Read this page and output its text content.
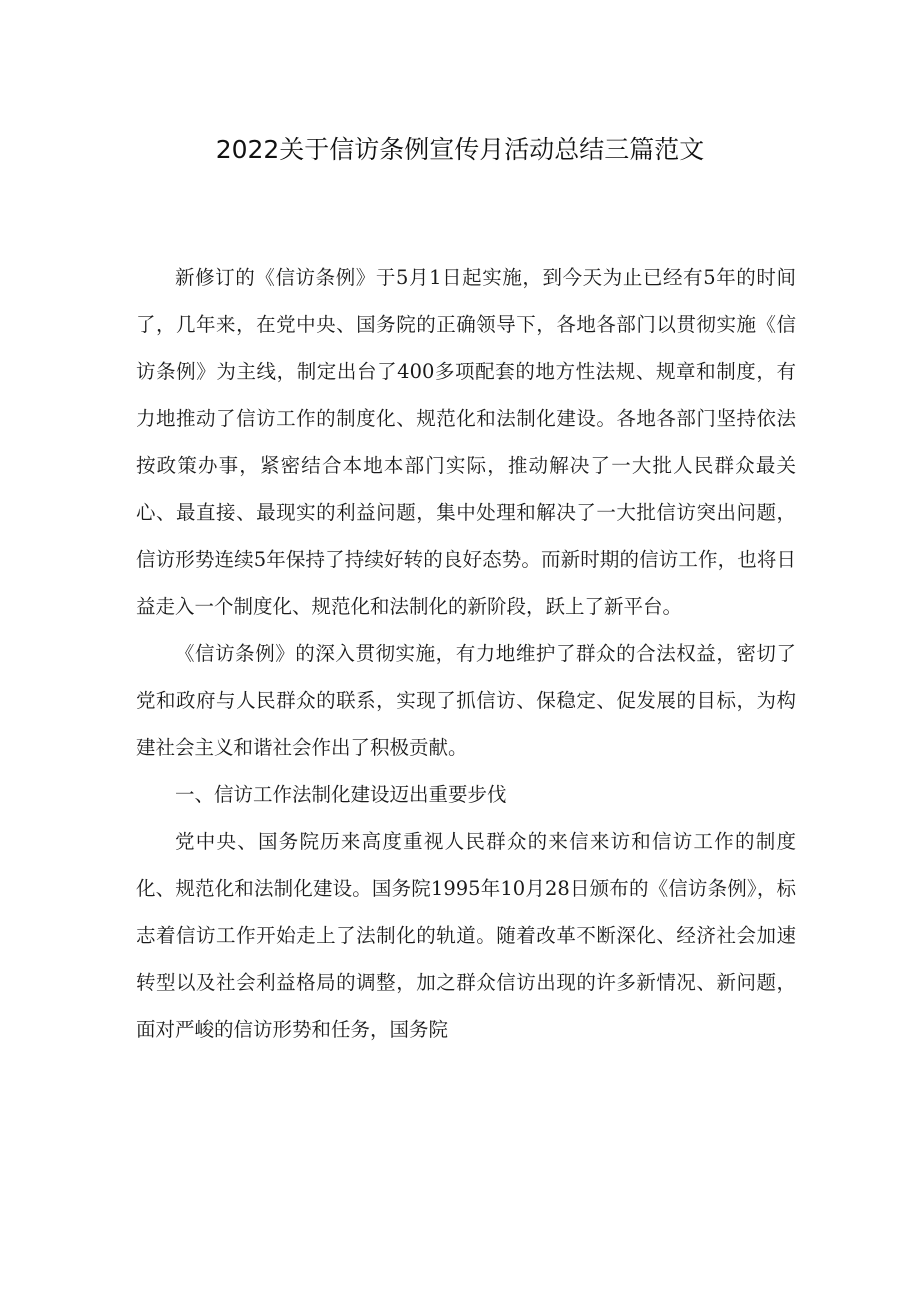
2022关于信访条例宣传月活动总结三篇范文

新修订的《信访条例》于5月1日起实施，到今天为止已经有5年的时间了，几年来，在党中央、国务院的正确领导下，各地各部门以贯彻实施《信访条例》为主线，制定出台了400多项配套的地方性法规、规章和制度，有力地推动了信访工作的制度化、规范化和法制化建设。各地各部门坚持依法按政策办事，紧密结合本地本部门实际，推动解决了一大批人民群众最关心、最直接、最现实的利益问题，集中处理和解决了一大批信访突出问题，信访形势连续5年保持了持续好转的良好态势。而新时期的信访工作，也将日益走入一个制度化、规范化和法制化的新阶段，跃上了新平台。

《信访条例》的深入贯彻实施，有力地维护了群众的合法权益，密切了党和政府与人民群众的联系，实现了抓信访、保稳定、促发展的目标，为构建社会主义和谐社会作出了积极贡献。

一、信访工作法制化建设迈出重要步伐

党中央、国务院历来高度重视人民群众的来信来访和信访工作的制度化、规范化和法制化建设。国务院1995年10月28日颁布的《信访条例》，标志着信访工作开始走上了法制化的轨道。随着改革不断深化、经济社会加速转型以及社会利益格局的调整，加之群众信访出现的许多新情况、新问题，面对严峻的信访形势和任务，国务院
